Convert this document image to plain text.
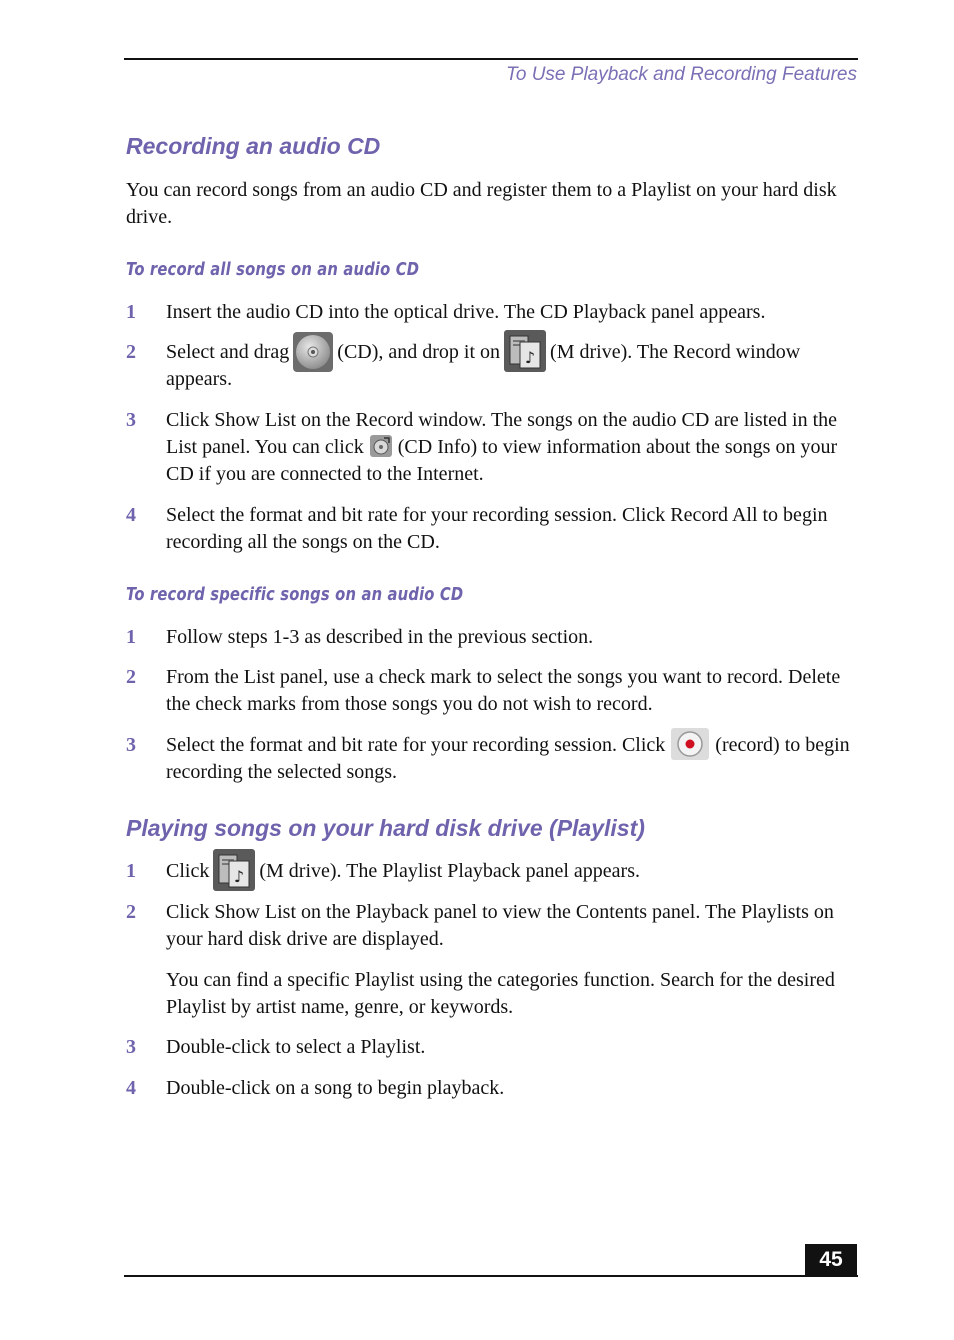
To Use Playback and Recording Features
Recording an audio CD

You can record songs from an audio CD and register them to a Playlist on your hard disk drive.

To record all songs on an audio CD
1 Insert the audio CD into the optical drive. The CD Playback panel appears.
2 Select and drag (CD), and drop it on ♪ (M drive). The Record window appears.
3 Click Show List on the Record window. The songs on the audio CD are listed in the List panel. You can click (CD Info) to view information about the songs on your CD if you are connected to the Internet.
4 Select the format and bit rate for your recording session. Click Record All to begin recording all the songs on the CD.
To record specific songs on an audio CD
1 Follow steps 1-3 as described in the previous section.
2 From the List panel, use a check mark to select the songs you want to record. Delete the check marks from those songs you do not wish to record.
3 Select the format and bit rate for your recording session. Click	(record) to begin recording the selected songs.
Playing songs on your hard disk drive (Playlist)
1 Click ♪ (M drive). The Playlist Playback panel appears.
2 Click Show List on the Playback panel to view the Contents panel. The Playlists on your hard disk drive are displayed.
You can find a specific Playlist using the categories function. Search for the desired Playlist by artist name, genre, or keywords.
3 Double-click to select a Playlist.
4 Double-click on a song to begin playback.
45
